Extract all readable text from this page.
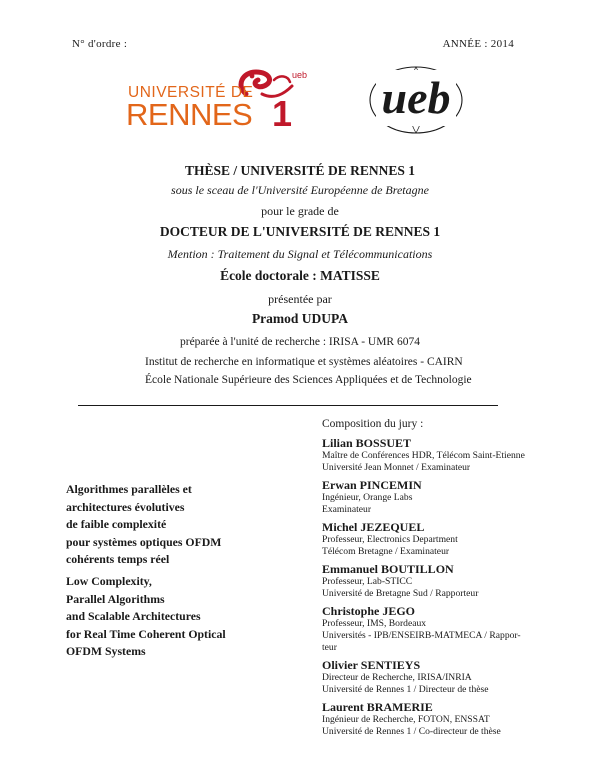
N° d'ordre :	ANNÉE : 2014
UNIVERSITÉ DE
RENNES 1
ueb ueb
THÈSE / UNIVERSITÉ DE RENNES 1
sous le sceau de l'Université Européenne de Bretagne
pour le grade de
DOCTEUR DE L'UNIVERSITÉ DE RENNES 1
Mention : Traitement du Signal et Télécommunications
École doctorale : MATISSE
présentée par
Pramod UDUPA
préparée à l'unité de recherche : IRISA - UMR 6074
Institut de recherche en informatique et systèmes aléatoires - CAIRN
École Nationale Supérieure des Sciences Appliquées et de Technologie
Algorithmes parallèles et
architectures évolutives
de faible complexité
pour systèmes optiques OFDM
cohérents temps réel
Low Complexity,
Parallel Algorithms
and Scalable Architectures
for Real Time Coherent Optical
OFDM Systems
Composition du jury :
Lilian BOSSUET
Maître de Conférences HDR, Télécom Saint-Etienne
Université Jean Monnet / Examinateur
Erwan PINCEMIN
Ingénieur, Orange Labs
Examinateur
Michel JEZEQUEL
Professeur, Electronics Department
Télécom Bretagne / Examinateur
Emmanuel BOUTILLON
Professeur, Lab-STICC
Université de Bretagne Sud / Rapporteur
Christophe JEGO
Professeur, IMS, Bordeaux
Universités - IPB/ENSEIRB-MATMECA / Rappor-
teur
Olivier SENTIEYS
Directeur de Recherche, IRISA/INRIA
Université de Rennes 1 / Directeur de thèse
Laurent BRAMERIE
Ingénieur de Recherche, FOTON, ENSSAT
Université de Rennes 1 / Co-directeur de thèse
